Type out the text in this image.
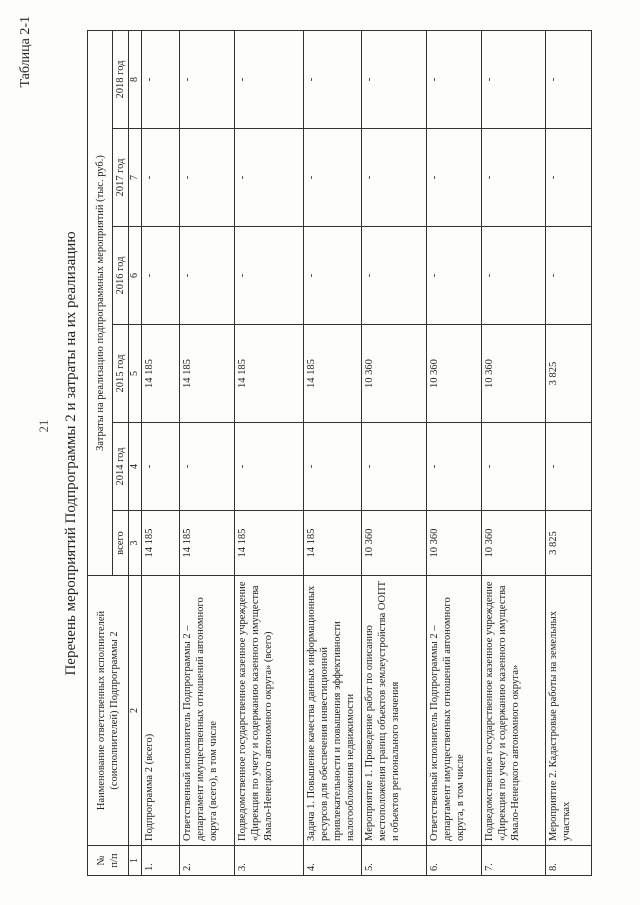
21
Таблица 2-1
Перечень мероприятий Подпрограммы 2 и затраты на их реализацию
№ п/п	Наименование ответственных исполнителей (соисполнителей) Подпрограммы 2	Затраты на реализацию подпрограммных мероприятий (тыс. руб.)					
		всего	2014 год	2015 год	2016 год	2017 год	2018 год
1	2	3	4	5	6	7	8
1.	Подпрограмма 2 (всего)	14 185	-	14 185	-	-	-
2.	Ответственный исполнитель Подпрограммы 2 – департамент имущественных отношений автономного округа (всего), в том числе	14 185	-	14 185	-	-	-
3.	Подведомственное государственное казенное учреждение «Дирекция по учету и содержанию казенного имущества Ямало-Ненецкого автономного округа» (всего)	14 185	-	14 185	-	-	-
4.	Задача 1. Повышение качества данных информационных ресурсов для обеспечения инвестиционной привлекательности и повышения эффективности налогообложения недвижимости	14 185	-	14 185	-	-	-
5.	Мероприятие 1. Проведение работ по описанию местоположения границ объектов землеустройства ООПТ и объектов регионального значения	10 360	-	10 360	-	-	-
6.	Ответственный исполнитель Подпрограммы 2 – департамент имущественных отношений автономного округа, в том числе	10 360	-	10 360	-	-	-
7.	Подведомственное государственное казенное учреждение «Дирекция по учету и содержанию казенного имущества Ямало-Ненецкого автономного округа»	10 360	-	10 360	-	-	-
8.	Мероприятие 2. Кадастровые работы на земельных участках	3 825	-	3 825	-	-	-
